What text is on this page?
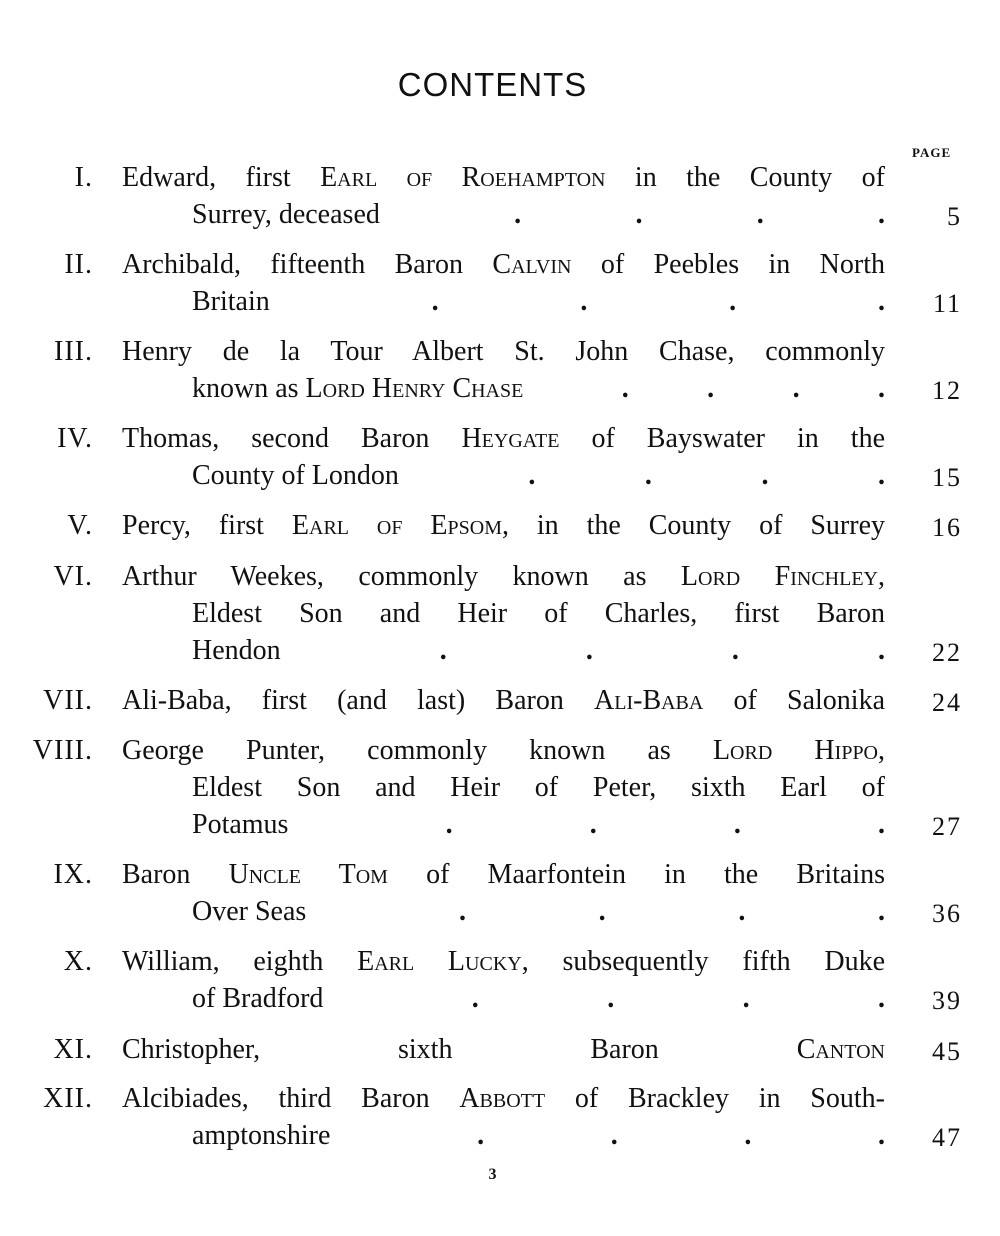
CONTENTS
PAGE
I. Edward, first Earl of Roehampton in the County of
Surrey, deceased	.	.	.	.	5
II. Archibald, fifteenth Baron Calvin of Peebles in North
Britain	.	.	.	.	11
III. Henry de la Tour Albert St. John Chase, commonly
known as Lord Henry Chase	.	.	.	.	12
IV. Thomas, second Baron Heygate of Bayswater in the
County of London	.	.	.	.	15
V. Percy, first Earl of Epsom, in the County of Surrey	16
VI. Arthur Weekes, commonly known as Lord Finchley,
Eldest Son and Heir of Charles, first Baron
Hendon	.	.	.	.	22
VII. Ali-Baba, first (and last) Baron Ali-Baba of Salonika	24
VIII. George Punter, commonly known as Lord Hippo,
Eldest Son and Heir of Peter, sixth Earl of
Potamus	.	.	.	.	27
IX. Baron Uncle Tom of Maarfontein in the Britains
Over Seas	.	.	.	.	36
X. William, eighth Earl Lucky, subsequently fifth Duke
of Bradford	.	.	.	.	39
XI. Christopher, sixth Baron Canton	45
XII. Alcibiades, third Baron Abbott of Brackley in South-
amptonshire	.	.	.	.	47
3
